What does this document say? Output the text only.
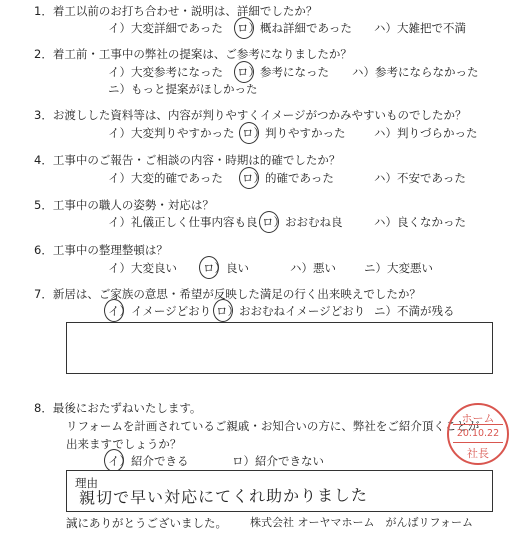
1．着工以前のお打ち合わせ・説明は、詳細でしたか？
イ）大変詳細であった ロ）概ね詳細であった ハ）大雑把で不満
2．着工前・工事中の弊社の提案は、ご参考になりましたか？
イ）大変参考になった ロ）参考になった ハ）参考にならなかった
ニ）もっと提案がほしかった
3．お渡しした資料等は、内容が判りやすくイメージがつかみやすいものでしたか？
イ）大変判りやすかった ロ）判りやすかった ハ）判りづらかった
4．工事中のご報告・ご相談の内容・時期は的確でしたか？
イ）大変的確であった ロ）的確であった	ハ）不安であった
5．工事中の職人の姿勢・対応は？
イ）礼儀正しく仕事内容も良 ロ）おおむね良	ハ）良くなかった
6．工事中の整理整頓は？
イ）大変良い ロ）良い	ハ）悪い ニ）大変悪い
7．新居は、ご家族の意思・希望が反映した満足の行く出来映えでしたか？
イ）イメージどおり ロ）おおむねイメージどおり ニ）不満が残る
8．最後におたずねいたします。
リフォームを計画されているご親戚・お知合いの方に、弊社をご紹介頂くことが
出来ますでしょうか？
イ）紹介できる	ロ）紹介できない
理由
親切で早い対応にてくれ助かりました
ホーム
20.10.22
社長
誠にありがとうございました。 株式会社 オーヤマホーム　がんばリフォーム
